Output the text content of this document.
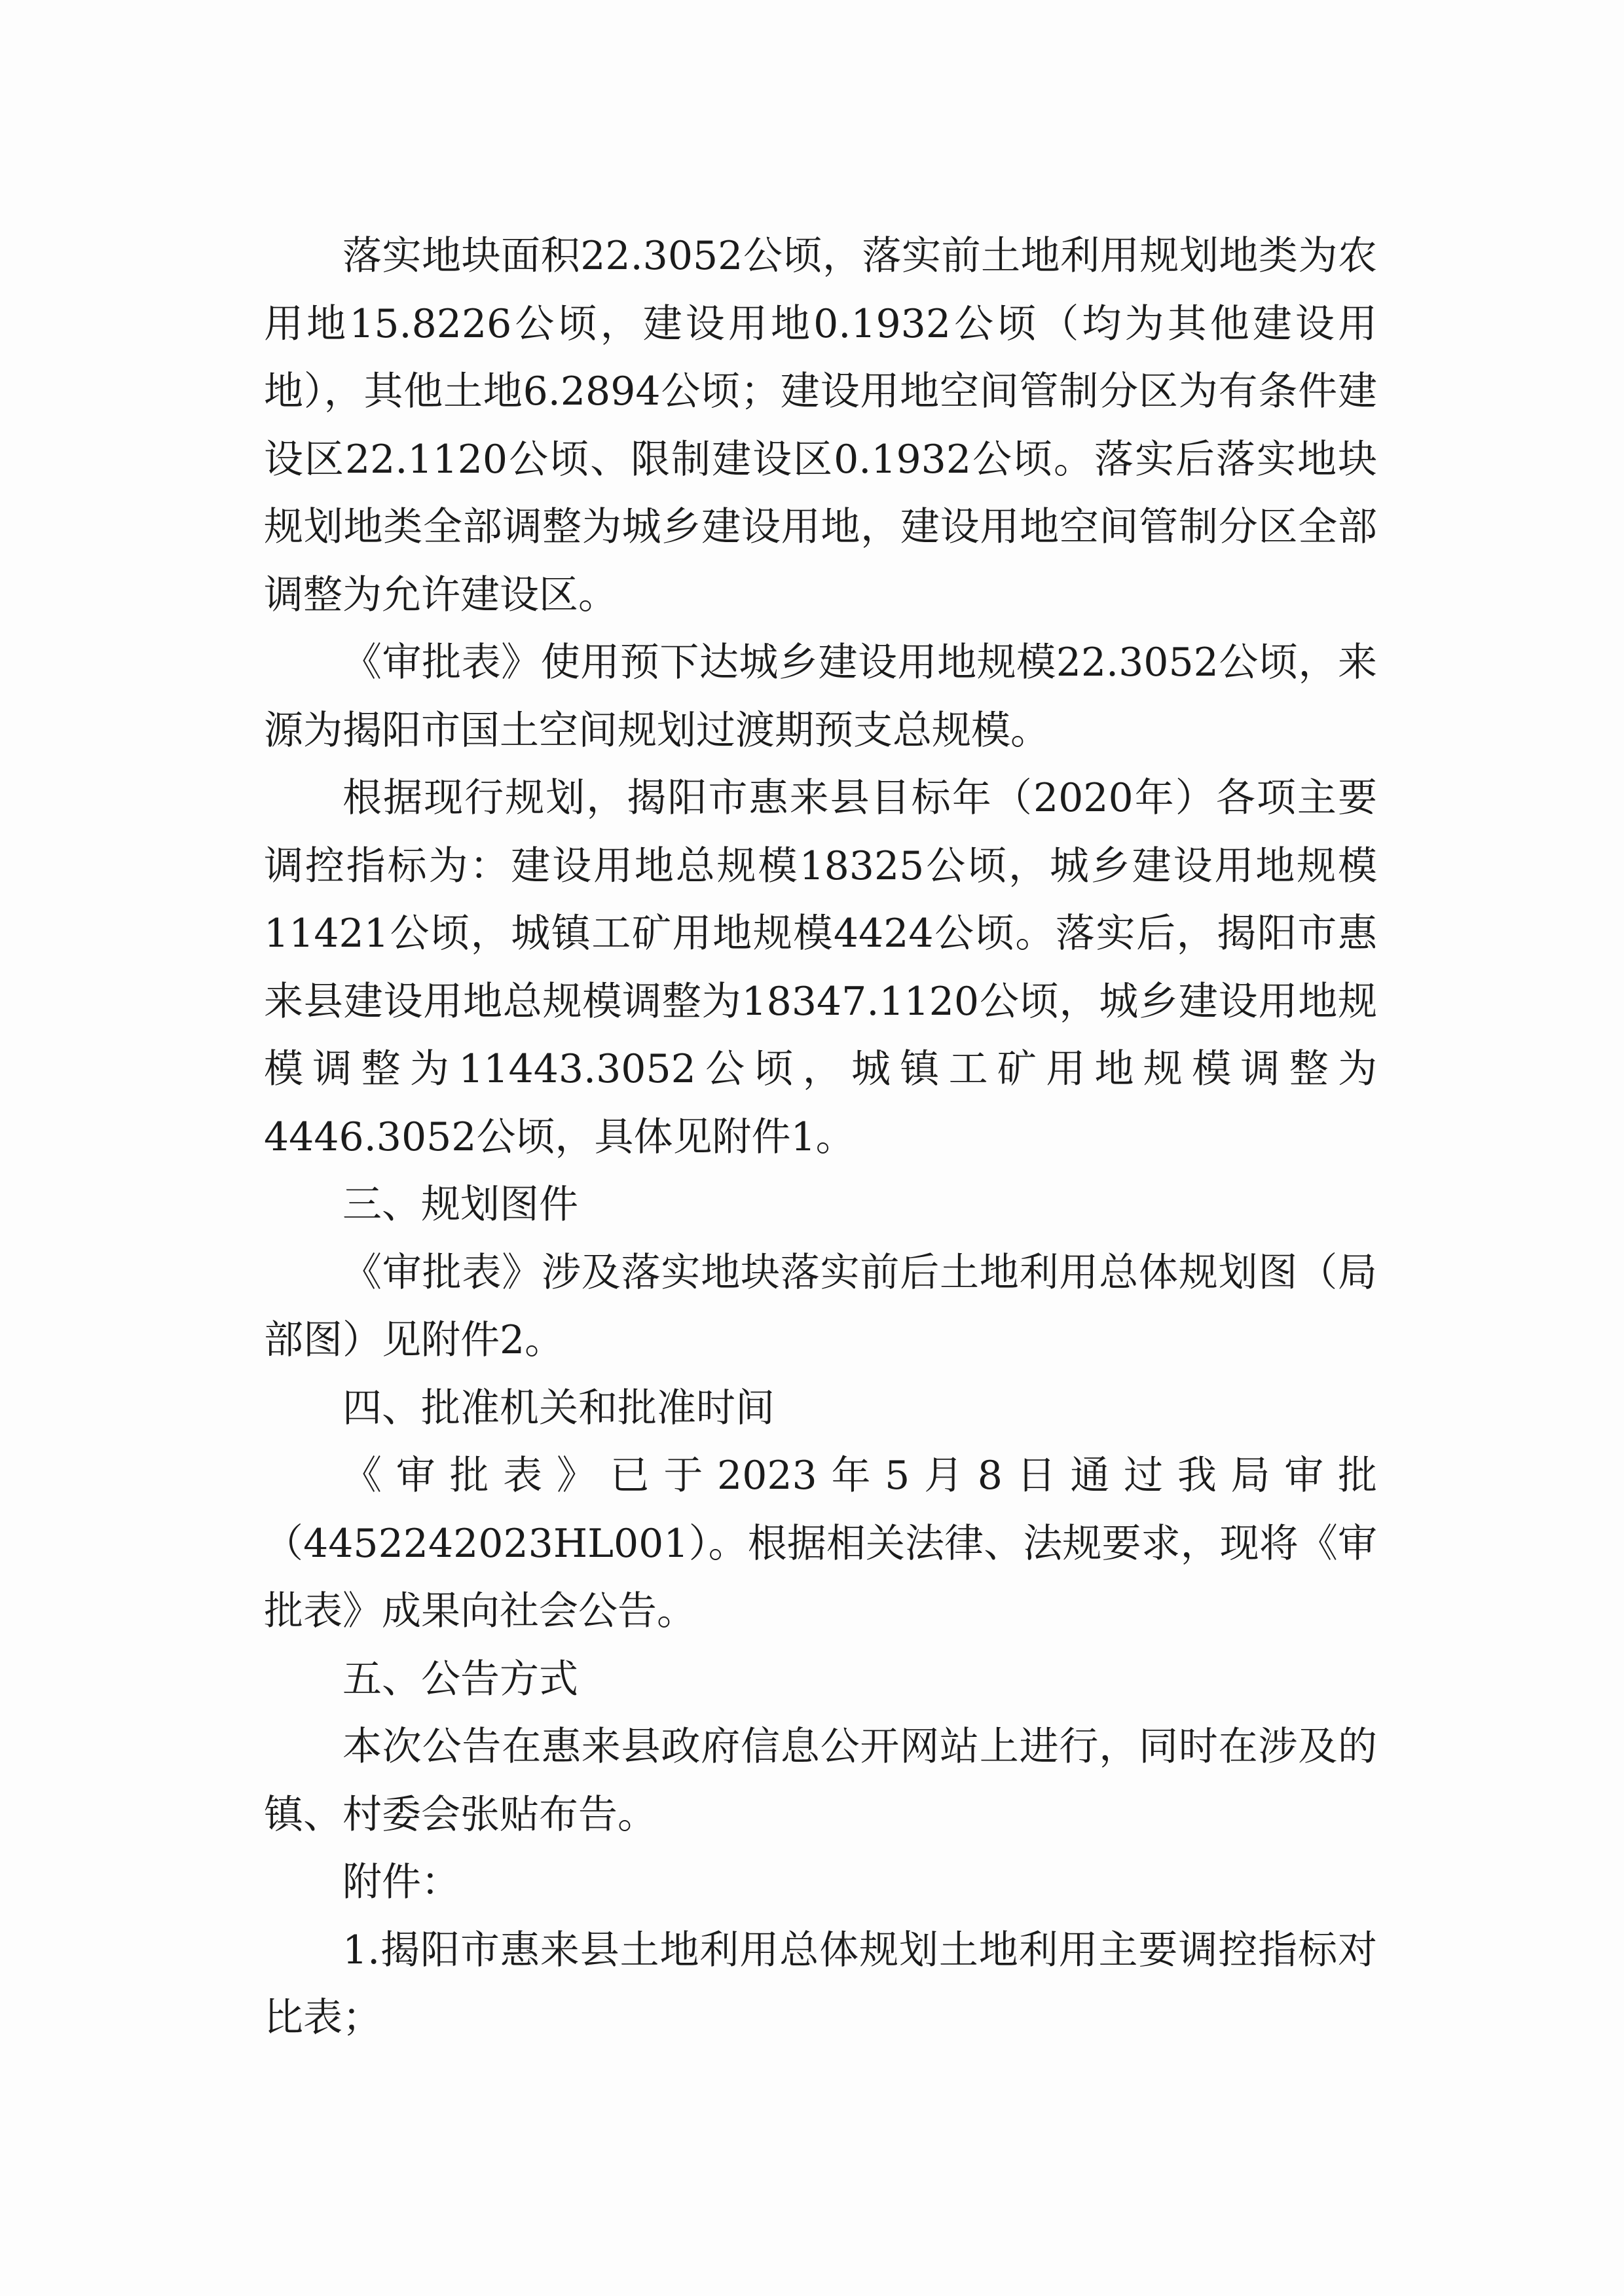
落实地块面积22.3052公顷，落实前土地利用规划地类为农用地15.8226公顷，建设用地0.1932公顷（均为其他建设用地），其他土地6.2894公顷；建设用地空间管制分区为有条件建设区22.1120公顷、限制建设区0.1932公顷。落实后落实地块规划地类全部调整为城乡建设用地，建设用地空间管制分区全部调整为允许建设区。

《审批表》使用预下达城乡建设用地规模22.3052公顷，来源为揭阳市国土空间规划过渡期预支总规模。

根据现行规划，揭阳市惠来县目标年（2020年）各项主要调控指标为：建设用地总规模18325公顷，城乡建设用地规模11421公顷，城镇工矿用地规模4424公顷。落实后，揭阳市惠来县建设用地总规模调整为18347.1120公顷，城乡建设用地规模调整为11443.3052公顷，城镇工矿用地规模调整为4446.3052公顷，具体见附件1。

三、规划图件

《审批表》涉及落实地块落实前后土地利用总体规划图（局部图）见附件2。

四、批准机关和批准时间

《审批表》已于2023年5月8日通过我局审批（4452242023HL001）。根据相关法律、法规要求，现将《审批表》成果向社会公告。

五、公告方式

本次公告在惠来县政府信息公开网站上进行，同时在涉及的镇、村委会张贴布告。

附件：

1.揭阳市惠来县土地利用总体规划土地利用主要调控指标对比表；
